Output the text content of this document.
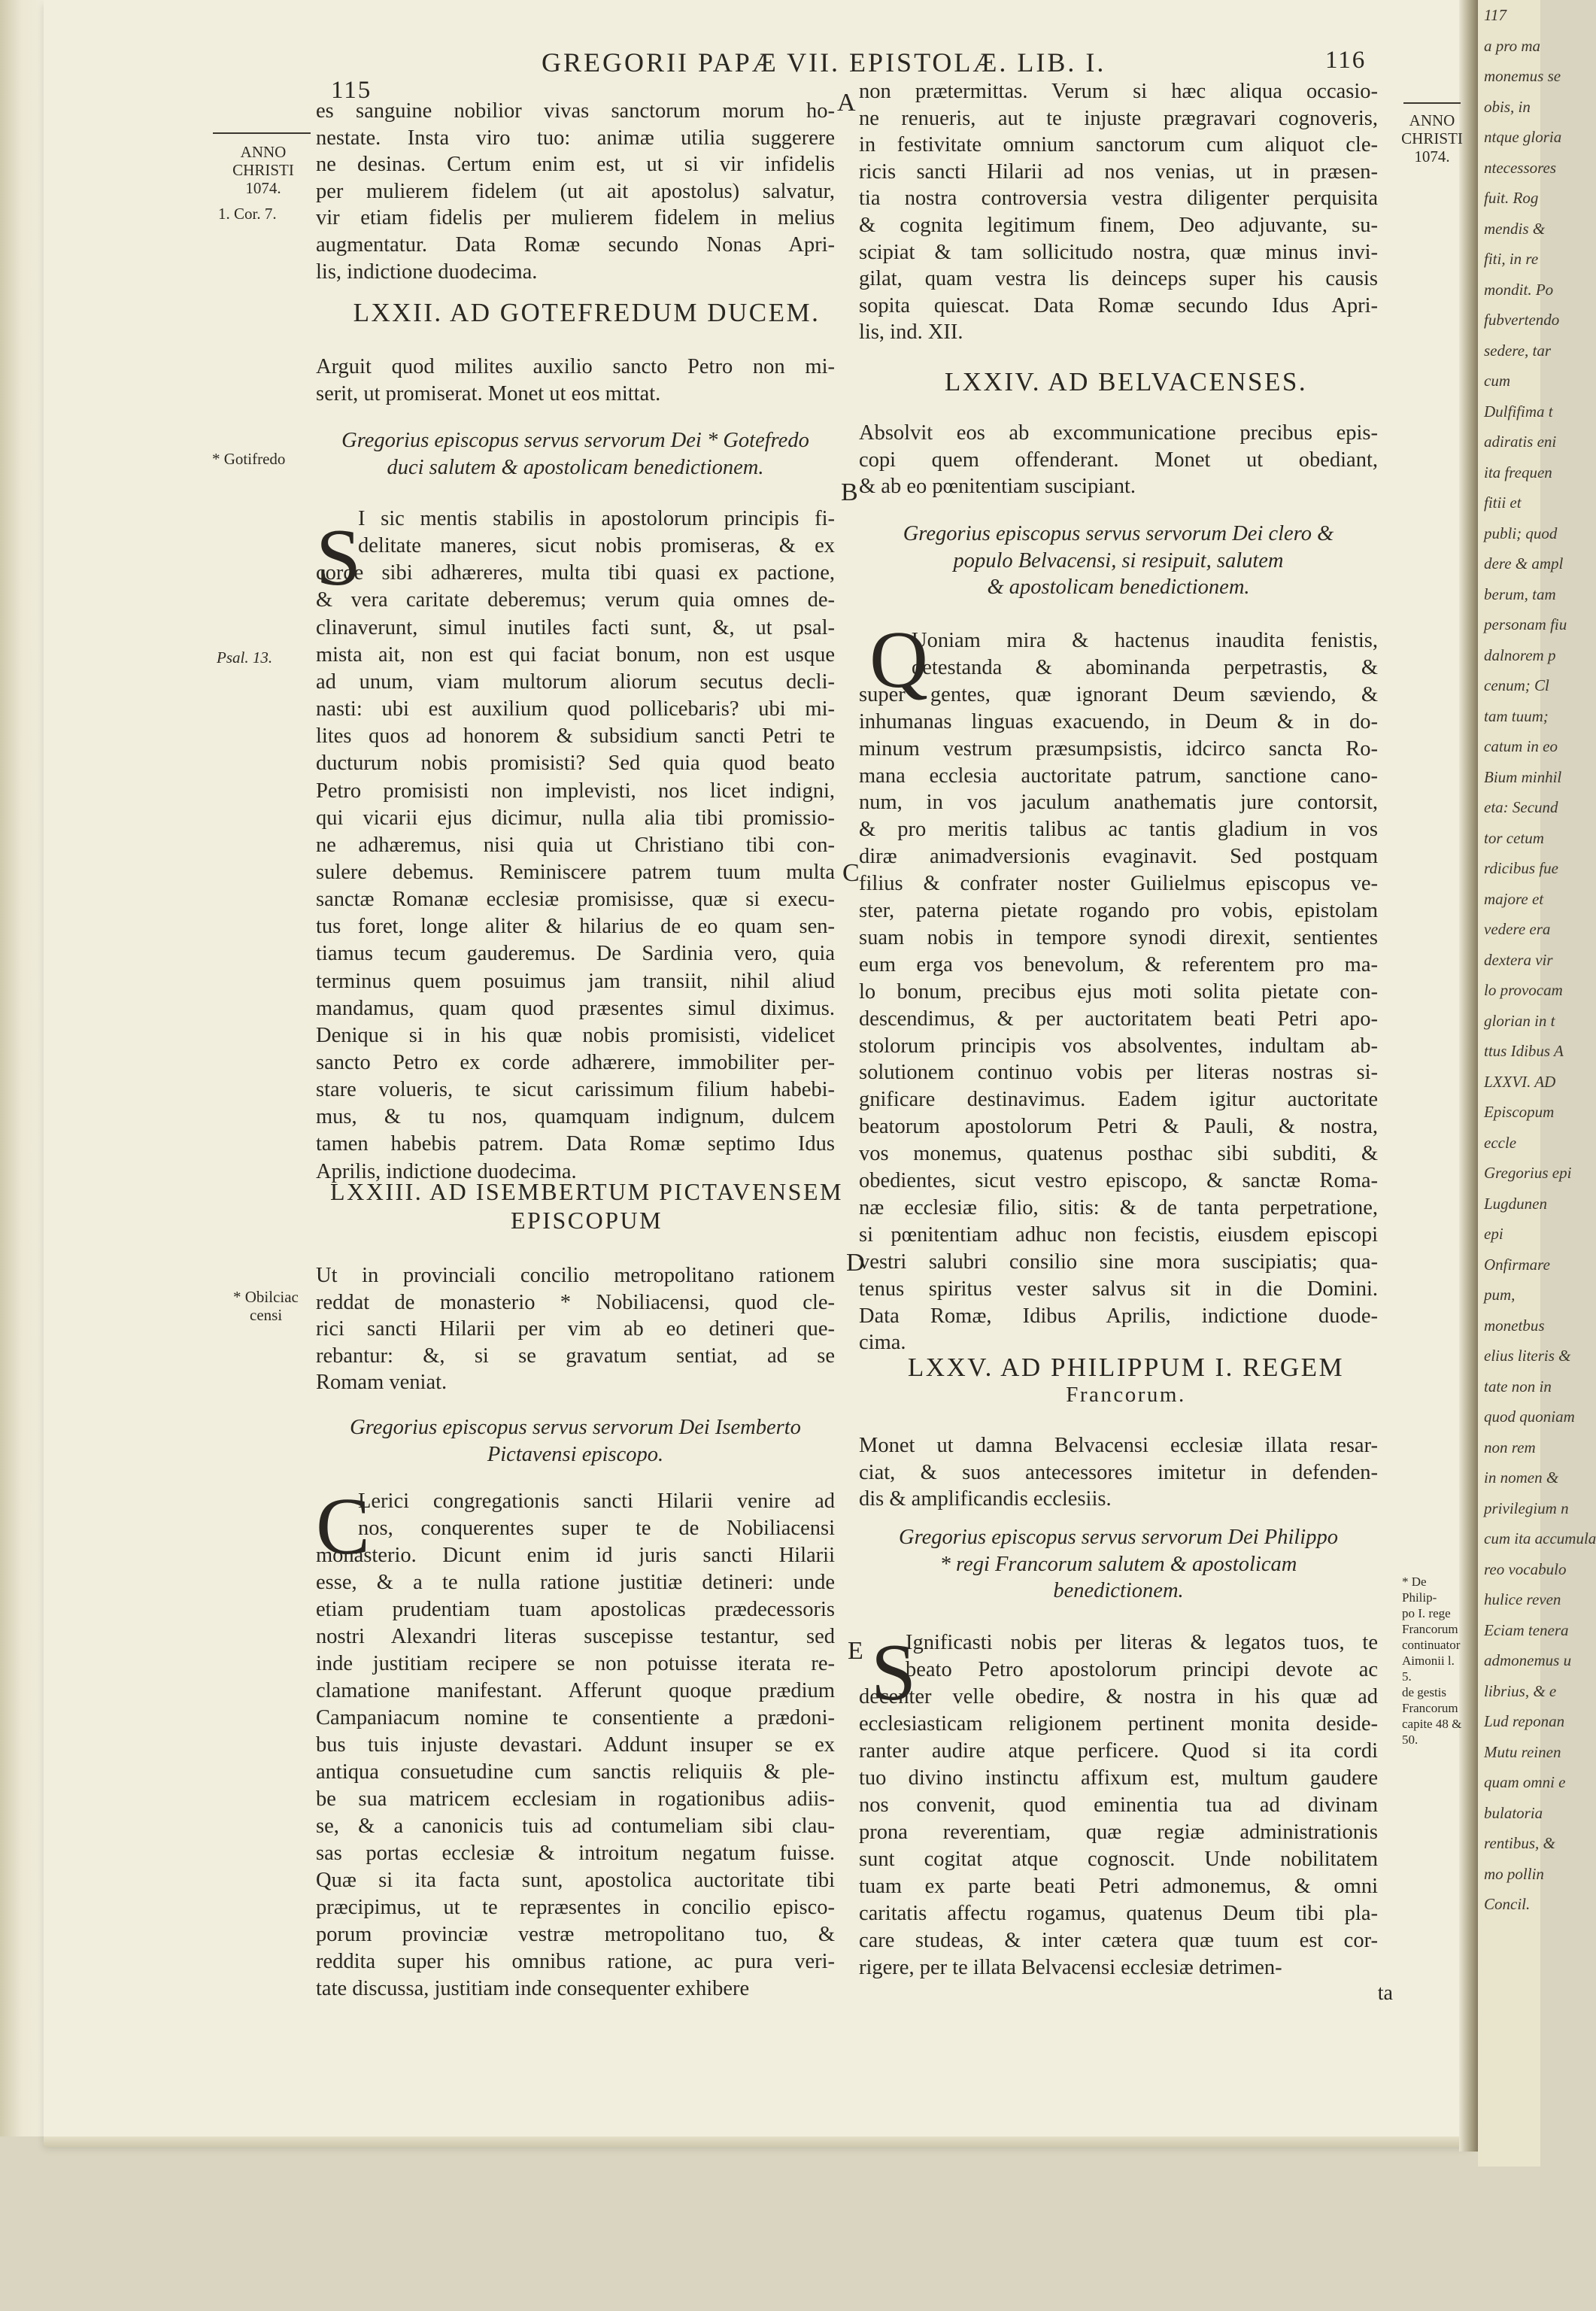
117
a pro ma
monemus se
obis, in
ntque gloria
ntecessores
fuit. Rog
mendis &
fiti, in re
mondit. Po
fubvertendo
sedere, tar
cum
Dulfifima t
adiratis eni
ita frequen
fitii et
publi; quod
dere & ampl
berum, tam
personam fiu
dalnorem p
cenum; Cl
tam tuum;
catum in eo
Bium minhil
eta: Secund
tor cetum
rdicibus fue
majore et
vedere era
dextera vir
lo provocam
glorian in t
ttus Idibus A
LXXVI. AD
Episcopum
eccle
Gregorius epi
Lugdunen
epi
Onfirmare
pum,
monetbus
elius literis &
tate non in
quod quoniam
non rem
in nomen &
privilegium n
cum ita accumula
reo vocabulo
hulice reven
Eciam tenera
admonemus u
librius, & e
Lud reponan
Mutu reinen
quam omni e
bulatoria
rentibus, &
mo pollin
Concil.
115
GREGORII PAPÆ VII. EPISTOLÆ. LIB. I.	116
ANNO
CHRISTI
1074.
1. Cor. 7.
* Gotifredo
Psal. 13.
* Obilciac
censi
ANNO
CHRISTI
1074.
* De Philip-
po I. rege
Francorum
continuator
Aimonii l. 5.
de gestis
Francorum
capite 48 &
50.
A
B
C
D
E
es sanguine nobilior vivas sanctorum morum ho-
nestate. Insta viro tuo: animæ utilia suggerere
ne desinas. Certum enim est, ut si vir infidelis
per mulierem fidelem (ut ait apostolus) salvatur,
vir etiam fidelis per mulierem fidelem in melius
augmentatur. Data Romæ secundo Nonas Apri-
lis, indictione duodecima.
LXXII. AD GOTEFREDUM DUCEM.
Arguit quod milites auxilio sancto Petro non mi-
serit, ut promiserat. Monet ut eos mittat.
Gregorius episcopus servus servorum Dei * Gotefredo
duci salutem & apostolicam benedictionem.
S
I sic mentis stabilis in apostolorum principis fi-
delitate maneres, sicut nobis promiseras, & ex
corde sibi adhæreres, multa tibi quasi ex pactione,
& vera caritate deberemus; verum quia omnes de-
clinaverunt, simul inutiles facti sunt, &, ut psal-
mista ait, non est qui faciat bonum, non est usque
ad unum, viam multorum aliorum secutus decli-
nasti: ubi est auxilium quod pollicebaris? ubi mi-
lites quos ad honorem & subsidium sancti Petri te
ducturum nobis promisisti? Sed quia quod beato
Petro promisisti non implevisti, nos licet indigni,
qui vicarii ejus dicimur, nulla alia tibi promissio-
ne adhæremus, nisi quia ut Christiano tibi con-
sulere debemus. Reminiscere patrem tuum multa
sanctæ Romanæ ecclesiæ promisisse, quæ si execu-
tus foret, longe aliter & hilarius de eo quam sen-
tiamus tecum gauderemus. De Sardinia vero, quia
terminus quem posuimus jam transiit, nihil aliud
mandamus, quam quod præsentes simul diximus.
Denique si in his quæ nobis promisisti, videlicet
sancto Petro ex corde adhærere, immobiliter per-
stare volueris, te sicut carissimum filium habebi-
mus, & tu nos, quamquam indignum, dulcem
tamen habebis patrem. Data Romæ septimo Idus
Aprilis, indictione duodecima.
LXXIII. AD ISEMBERTUM PICTAVENSEM
EPISCOPUM
Ut in provinciali concilio metropolitano rationem
reddat de monasterio * Nobiliacensi, quod cle-
rici sancti Hilarii per vim ab eo detineri que-
rebantur: &, si se gravatum sentiat, ad se
Romam veniat.
Gregorius episcopus servus servorum Dei Isemberto
Pictavensi episcopo.
C
Lerici congregationis sancti Hilarii venire ad
nos, conquerentes super te de Nobiliacensi
monasterio. Dicunt enim id juris sancti Hilarii
esse, & a te nulla ratione justitiæ detineri: unde
etiam prudentiam tuam apostolicas prædecessoris
nostri Alexandri literas suscepisse testantur, sed
inde justitiam recipere se non potuisse iterata re-
clamatione manifestant. Afferunt quoque prædium
Campaniacum nomine te consentiente a prædoni-
bus tuis injuste devastari. Addunt insuper se ex
antiqua consuetudine cum sanctis reliquiis & ple-
be sua matricem ecclesiam in rogationibus adiis-
se, & a canonicis tuis ad contumeliam sibi clau-
sas portas ecclesiæ & introitum negatum fuisse.
Quæ si ita facta sunt, apostolica auctoritate tibi
præcipimus, ut te repræsentes in concilio episco-
porum provinciæ vestræ metropolitano tuo, &
reddita super his omnibus ratione, ac pura veri-
tate discussa, justitiam inde consequenter exhibere
non prætermittas. Verum si hæc aliqua occasio-
ne renueris, aut te injuste prægravari cognoveris,
in festivitate omnium sanctorum cum aliquot cle-
ricis sancti Hilarii ad nos venias, ut in præsen-
tia nostra controversia vestra diligenter perquisita
& cognita legitimum finem, Deo adjuvante, su-
scipiat & tam sollicitudo nostra, quæ minus invi-
gilat, quam vestra lis deinceps super his causis
sopita quiescat. Data Romæ secundo Idus Apri-
lis, ind. XII.
LXXIV. AD BELVACENSES.
Absolvit eos ab excommunicatione precibus epis-
copi quem offenderant. Monet ut obediant,
& ab eo pœnitentiam suscipiant.
Gregorius episcopus servus servorum Dei clero &
populo Belvacensi, si resipuit, salutem
& apostolicam benedictionem.
Q
Uoniam mira & hactenus inaudita fenistis,
detestanda & abominanda perpetrastis, &
super gentes, quæ ignorant Deum sæviendo, &
inhumanas linguas exacuendo, in Deum & in do-
minum vestrum præsumpsistis, idcirco sancta Ro-
mana ecclesia auctoritate patrum, sanctione cano-
num, in vos jaculum anathematis jure contorsit,
& pro meritis talibus ac tantis gladium in vos
diræ animadversionis evaginavit. Sed postquam
filius & confrater noster Guilielmus episcopus ve-
ster, paterna pietate rogando pro vobis, epistolam
suam nobis in tempore synodi direxit, sentientes
eum erga vos benevolum, & referentem pro ma-
lo bonum, precibus ejus moti solita pietate con-
descendimus, & per auctoritatem beati Petri apo-
stolorum principis vos absolventes, indultam ab-
solutionem continuo vobis per literas nostras si-
gnificare destinavimus. Eadem igitur auctoritate
beatorum apostolorum Petri & Pauli, & nostra,
vos monemus, quatenus posthac sibi subditi, &
obedientes, sicut vestro episcopo, & sanctæ Roma-
næ ecclesiæ filio, sitis: & de tanta perpetratione,
si pœnitentiam adhuc non fecistis, eiusdem episcopi
vestri salubri consilio sine mora suscipiatis; qua-
tenus spiritus vester salvus sit in die Domini.
Data Romæ, Idibus Aprilis, indictione duode-
cima.
LXXV. AD PHILIPPUM I. REGEM
Francorum.
Monet ut damna Belvacensi ecclesiæ illata resar-
ciat, & suos antecessores imitetur in defenden-
dis & amplificandis ecclesiis.
Gregorius episcopus servus servorum Dei Philippo
* regi Francorum salutem & apostolicam
benedictionem.
S
Ignificasti nobis per literas & legatos tuos, te
beato Petro apostolorum principi devote ac
decenter velle obedire, & nostra in his quæ ad
ecclesiasticam religionem pertinent monita deside-
ranter audire atque perficere. Quod si ita cordi
tuo divino instinctu affixum est, multum gaudere
nos convenit, quod eminentia tua ad divinam
prona reverentiam, quæ regiæ administrationis
sunt cogitat atque cognoscit. Unde nobilitatem
tuam ex parte beati Petri admonemus, & omni
caritatis affectu rogamus, quatenus Deum tibi pla-
care studeas, & inter cætera quæ tuum est cor-
rigere, per te illata Belvacensi ecclesiæ detrimen-
ta
